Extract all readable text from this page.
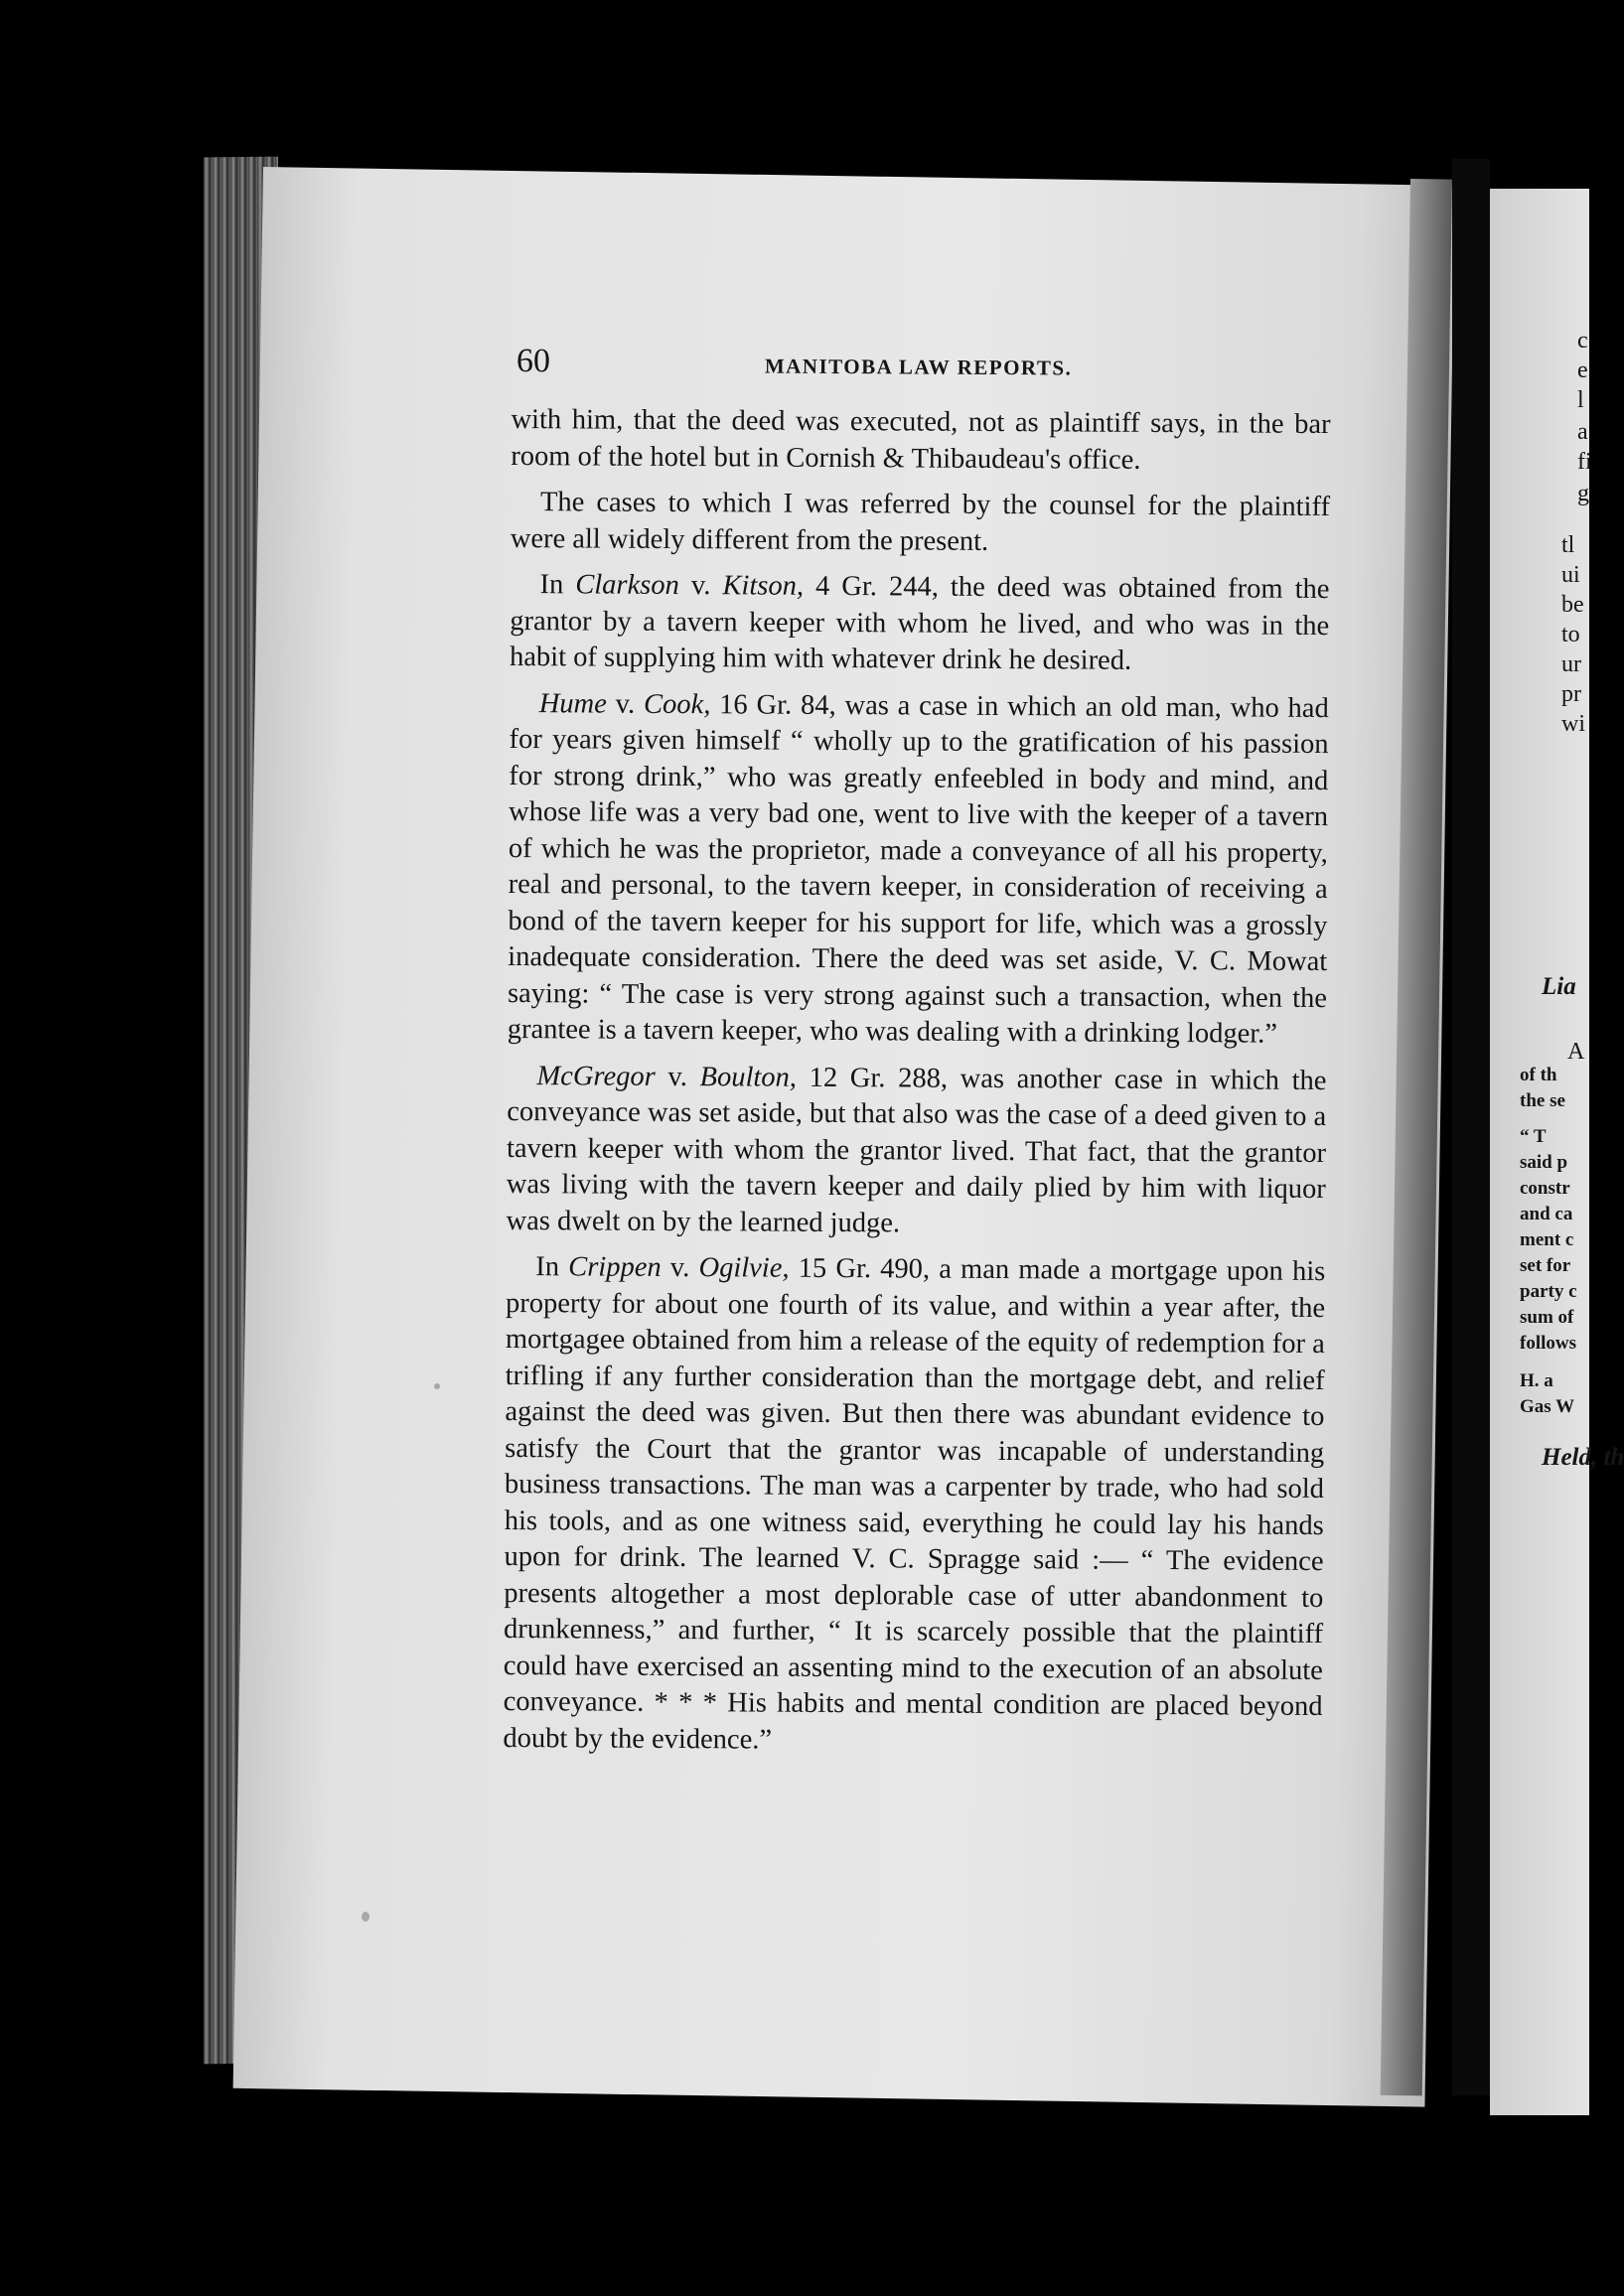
c
e
l
a
fi
g
tl
ui
be
to
ur
pr
wi
Lia
A
of th
the se
“ T
said p
constr
and ca
ment c
set for
party c
sum of
follows
H. a
Gas W
Held, th
60	MANITOBA LAW REPORTS.

with him, that the deed was executed, not as plaintiff says, in the bar room of the hotel but in Cornish & Thibaudeau's office.

The cases to which I was referred by the counsel for the plaintiff were all widely different from the present.

In Clarkson v. Kitson, 4 Gr. 244, the deed was obtained from the grantor by a tavern keeper with whom he lived, and who was in the habit of supplying him with whatever drink he desired.

Hume v. Cook, 16 Gr. 84, was a case in which an old man, who had for years given himself “ wholly up to the gratification of his passion for strong drink,” who was greatly enfeebled in body and mind, and whose life was a very bad one, went to live with the keeper of a tavern of which he was the proprietor, made a conveyance of all his property, real and personal, to the tavern keeper, in consideration of receiving a bond of the tavern keeper for his support for life, which was a grossly inadequate consideration. There the deed was set aside, V. C. Mowat saying: “ The case is very strong against such a transaction, when the grantee is a tavern keeper, who was dealing with a drinking lodger.”

McGregor v. Boulton, 12 Gr. 288, was another case in which the conveyance was set aside, but that also was the case of a deed given to a tavern keeper with whom the grantor lived. That fact, that the grantor was living with the tavern keeper and daily plied by him with liquor was dwelt on by the learned judge.

In Crippen v. Ogilvie, 15 Gr. 490, a man made a mortgage upon his property for about one fourth of its value, and within a year after, the mortgagee obtained from him a release of the equity of redemption for a trifling if any further consideration than the mortgage debt, and relief against the deed was given. But then there was abundant evidence to satisfy the Court that the grantor was incapable of understanding business transactions. The man was a carpenter by trade, who had sold his tools, and as one witness said, everything he could lay his hands upon for drink. The learned V. C. Spragge said :— “ The evidence presents altogether a most deplorable case of utter abandonment to drunkenness,” and further, “ It is scarcely possible that the plaintiff could have exercised an assenting mind to the execution of an absolute conveyance. * * * His habits and mental condition are placed beyond doubt by the evidence.”
